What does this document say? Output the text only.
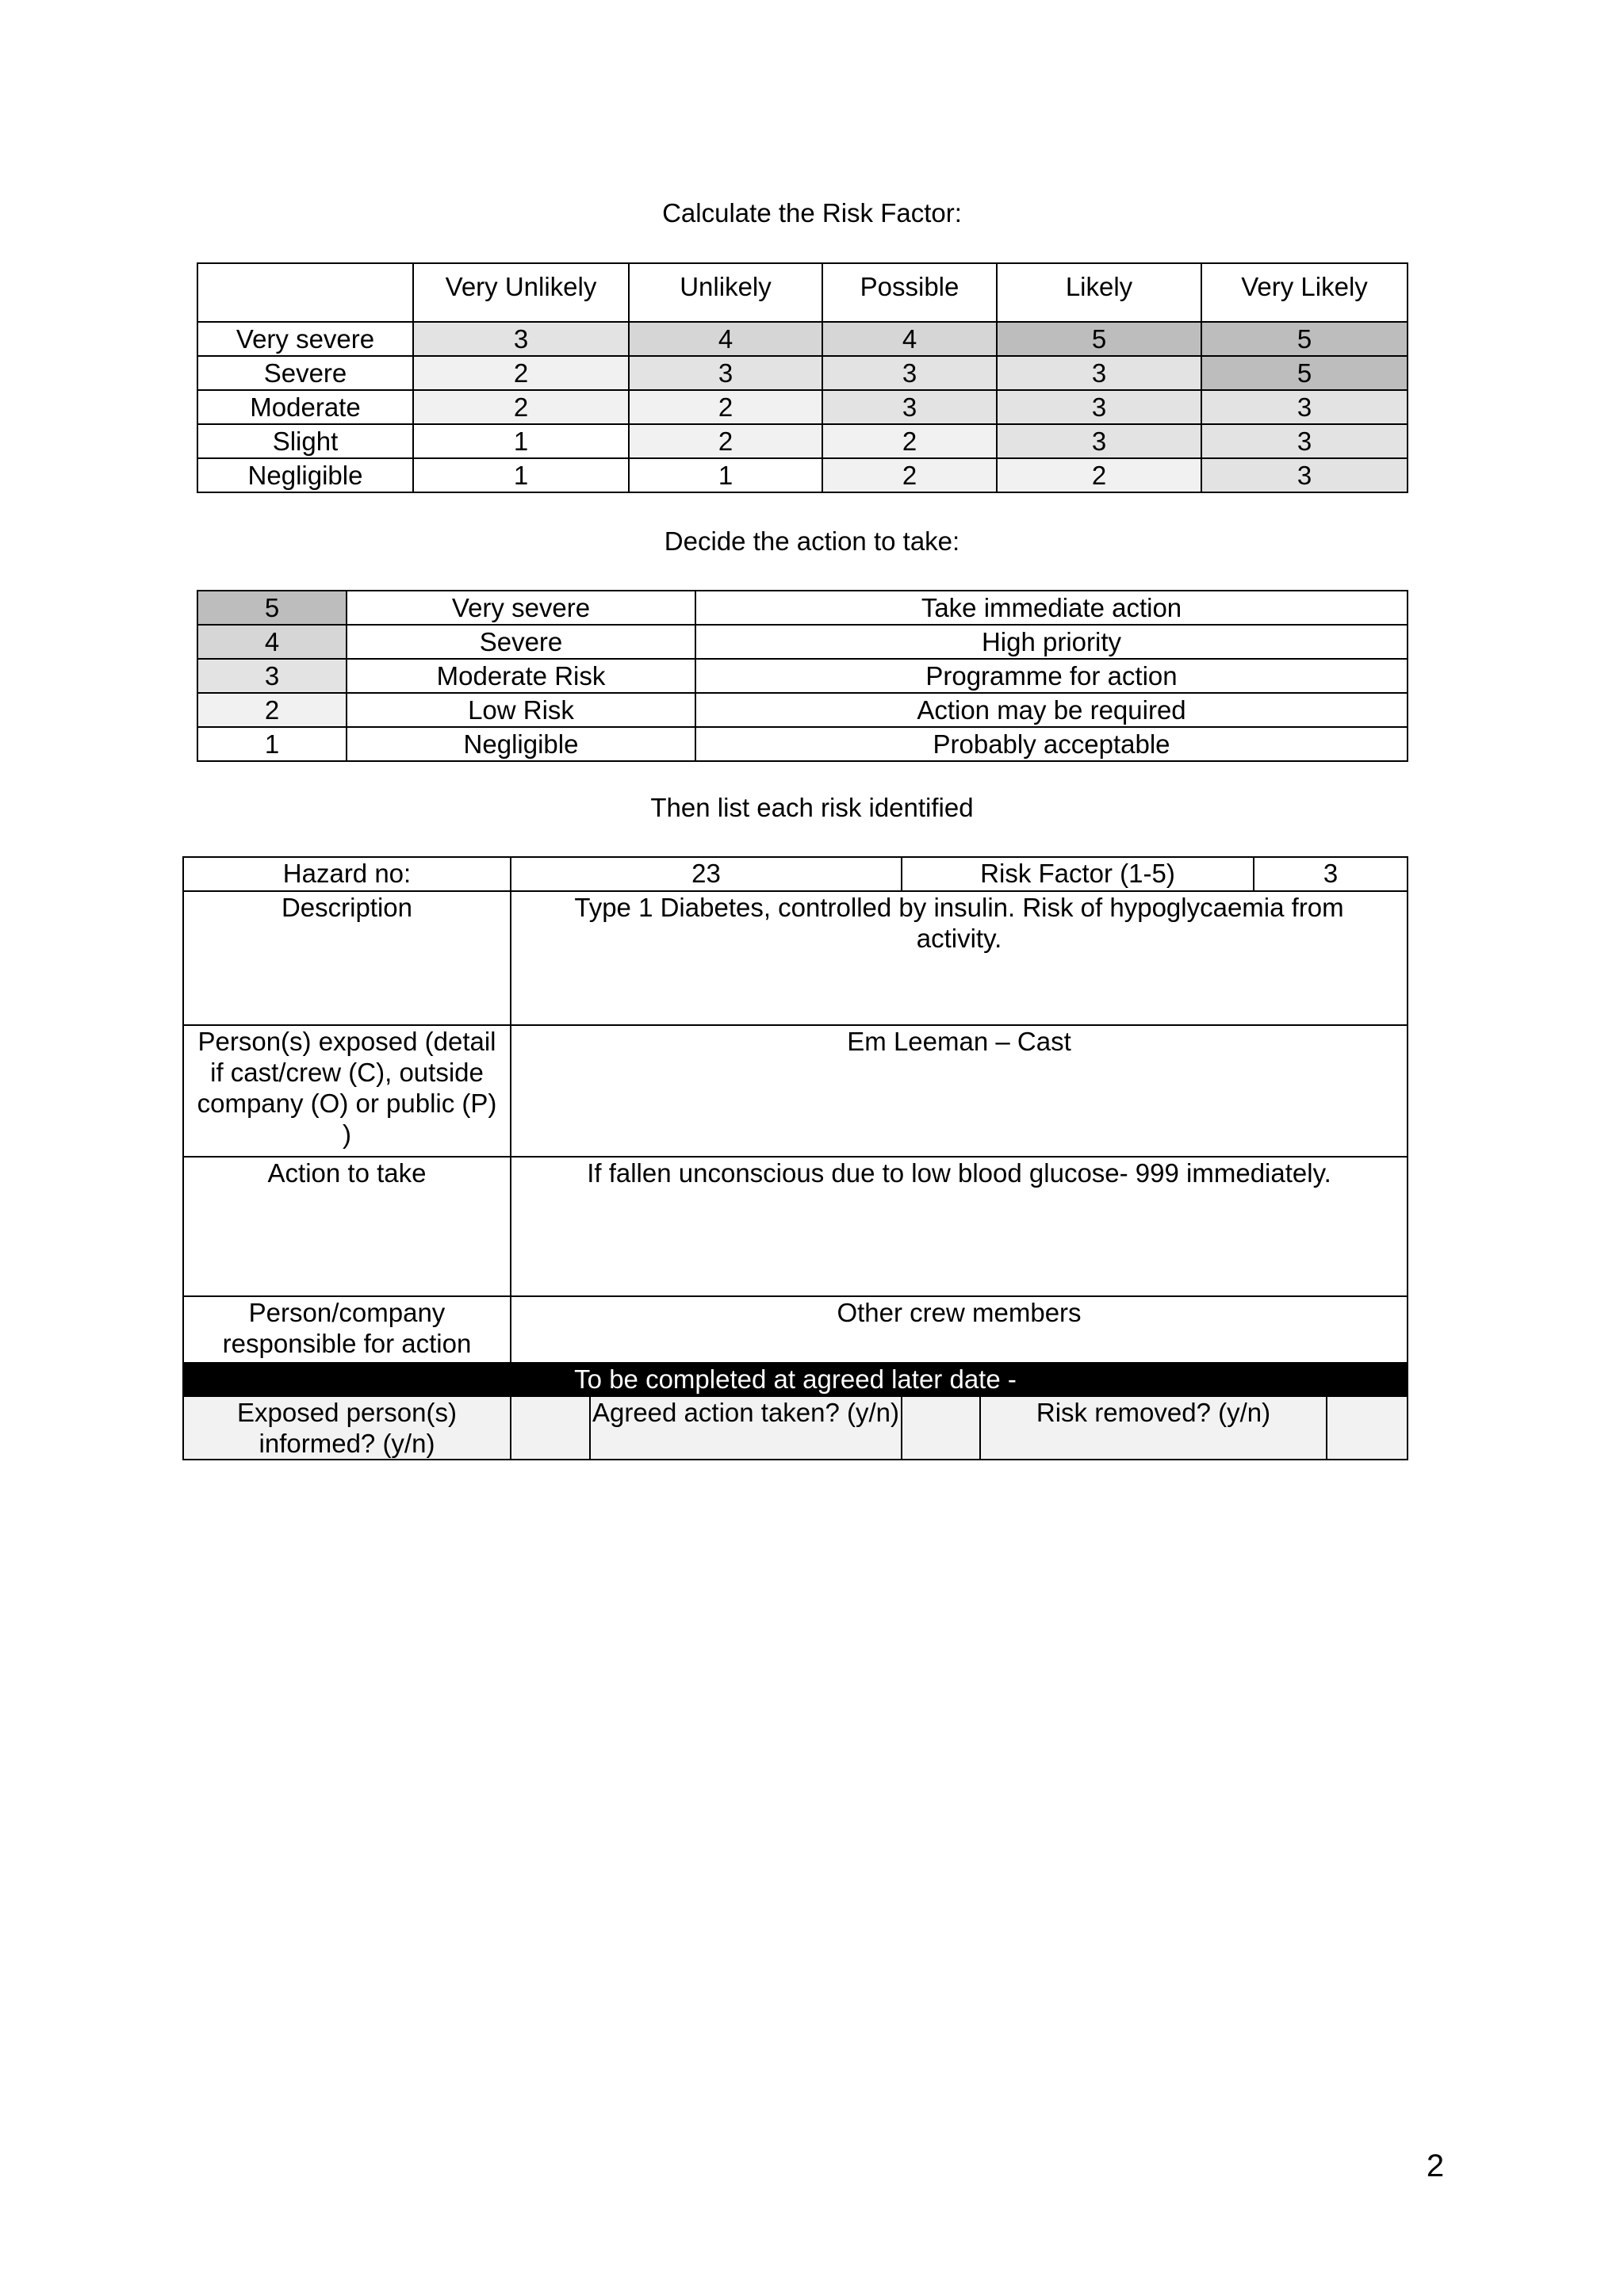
Calculate the Risk Factor:
	Very Unlikely	Unlikely	Possible	Likely	Very Likely
Very severe	3	4	4	5	5
Severe	2	3	3	3	5
Moderate	2	2	3	3	3
Slight	1	2	2	3	3
Negligible	1	1	2	2	3
Decide the action to take:
5	Very severe	Take immediate action
4	Severe	High priority
3	Moderate Risk	Programme for action
2	Low Risk	Action may be required
1	Negligible	Probably acceptable
Then list each risk identified
Hazard no:	23		Risk Factor (1-5)		3	
Description	Type 1 Diabetes, controlled by insulin. Risk of hypoglycaemia from activity.					
Person(s) exposed (detail if cast/crew (C), outside company (O) or public (P) )	Em Leeman – Cast					
Action to take	If fallen unconscious due to low blood glucose- 999 immediately.					
Person/company responsible for action	Other crew members					
To be completed at agreed later date -						
Exposed person(s) informed? (y/n)		Agreed action taken? (y/n)		Risk removed? (y/n)		
2
